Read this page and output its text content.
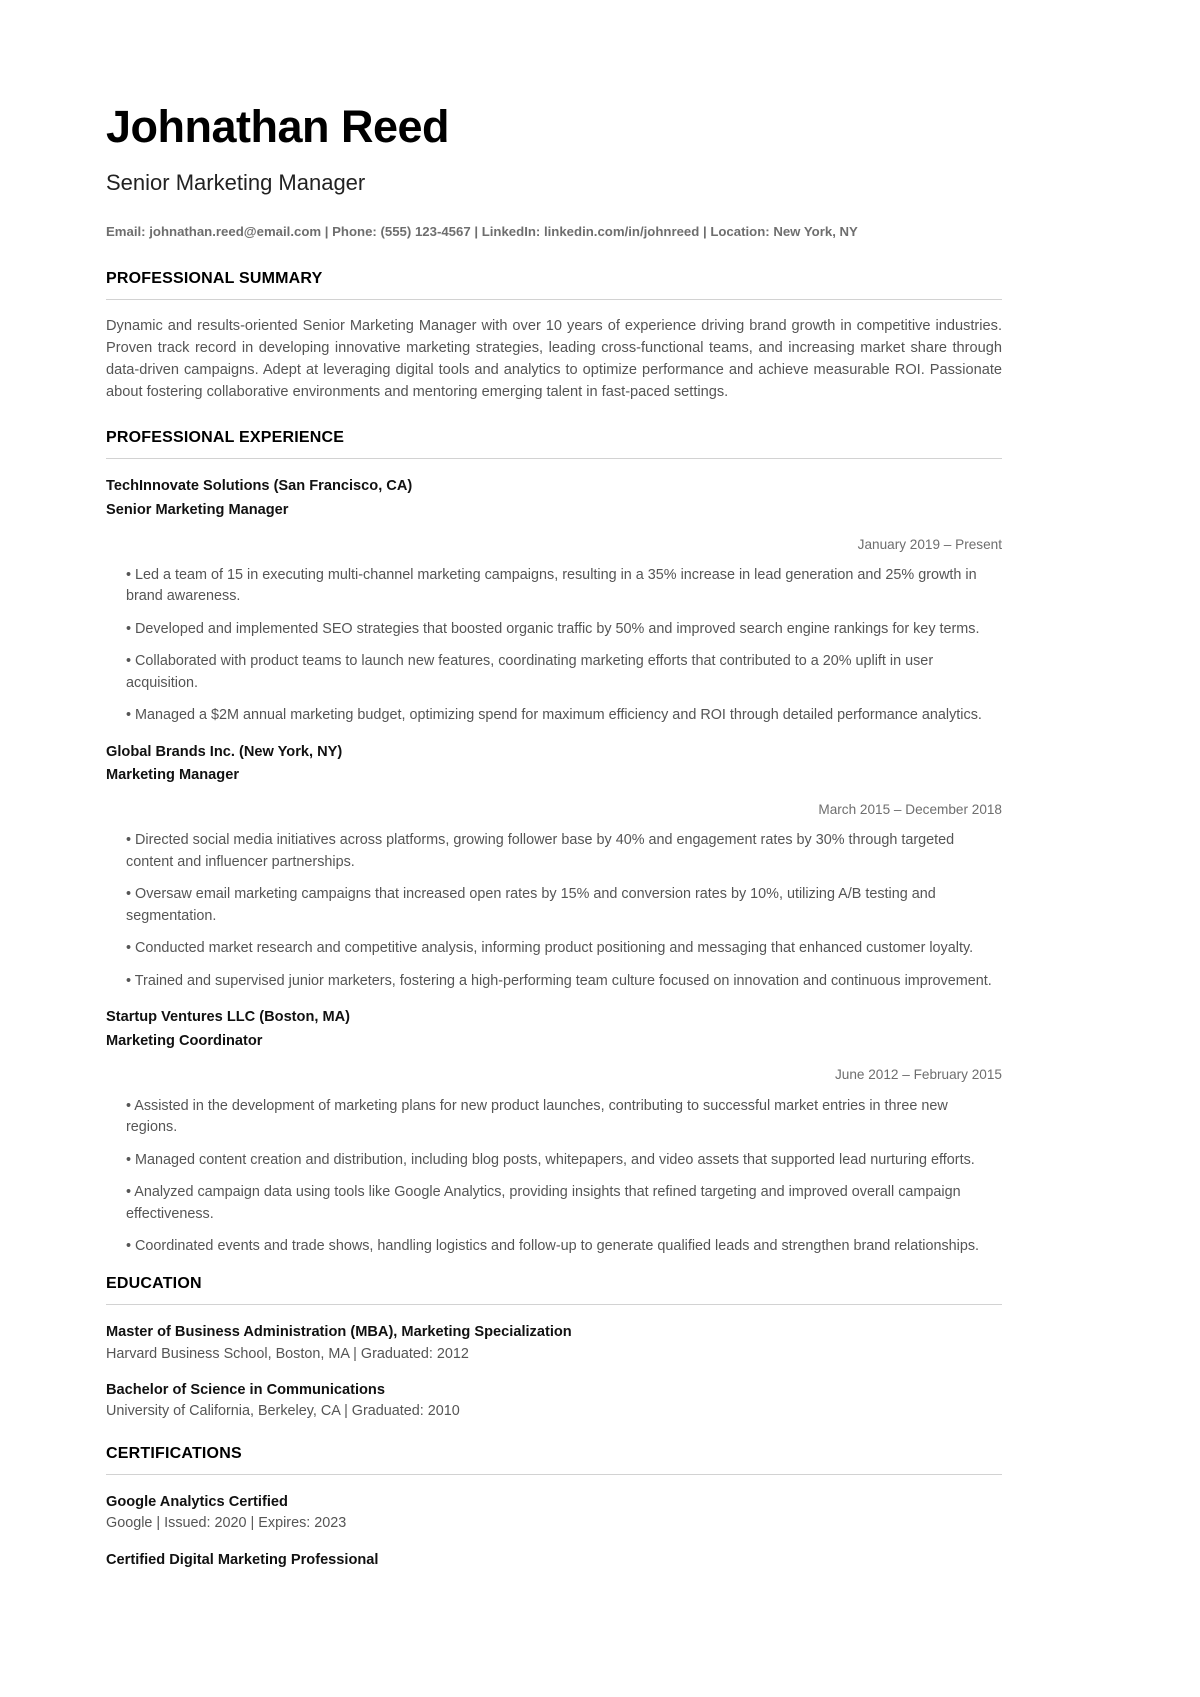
Johnathan Reed
Senior Marketing Manager
Email: johnathan.reed@email.com | Phone: (555) 123-4567 | LinkedIn: linkedin.com/in/johnreed | Location: New York, NY
PROFESSIONAL SUMMARY

Dynamic and results-oriented Senior Marketing Manager with over 10 years of experience driving brand growth in competitive industries. Proven track record in developing innovative marketing strategies, leading cross-functional teams, and increasing market share through data-driven campaigns. Adept at leveraging digital tools and analytics to optimize performance and achieve measurable ROI. Passionate about fostering collaborative environments and mentoring emerging talent in fast-paced settings.

PROFESSIONAL EXPERIENCE
TechInnovate Solutions (San Francisco, CA)
Senior Marketing Manager
January 2019 – Present
• Led a team of 15 in executing multi-channel marketing campaigns, resulting in a 35% increase in lead generation and 25% growth in brand awareness.
• Developed and implemented SEO strategies that boosted organic traffic by 50% and improved search engine rankings for key terms.
• Collaborated with product teams to launch new features, coordinating marketing efforts that contributed to a 20% uplift in user acquisition.
• Managed a $2M annual marketing budget, optimizing spend for maximum efficiency and ROI through detailed performance analytics.
Global Brands Inc. (New York, NY)
Marketing Manager
March 2015 – December 2018
• Directed social media initiatives across platforms, growing follower base by 40% and engagement rates by 30% through targeted content and influencer partnerships.
• Oversaw email marketing campaigns that increased open rates by 15% and conversion rates by 10%, utilizing A/B testing and segmentation.
• Conducted market research and competitive analysis, informing product positioning and messaging that enhanced customer loyalty.
• Trained and supervised junior marketers, fostering a high-performing team culture focused on innovation and continuous improvement.
Startup Ventures LLC (Boston, MA)
Marketing Coordinator
June 2012 – February 2015
• Assisted in the development of marketing plans for new product launches, contributing to successful market entries in three new regions.
• Managed content creation and distribution, including blog posts, whitepapers, and video assets that supported lead nurturing efforts.
• Analyzed campaign data using tools like Google Analytics, providing insights that refined targeting and improved overall campaign effectiveness.
• Coordinated events and trade shows, handling logistics and follow-up to generate qualified leads and strengthen brand relationships.
EDUCATION
Master of Business Administration (MBA), Marketing Specialization
Harvard Business School, Boston, MA | Graduated: 2012
Bachelor of Science in Communications
University of California, Berkeley, CA | Graduated: 2010
CERTIFICATIONS
Google Analytics Certified
Google | Issued: 2020 | Expires: 2023
Certified Digital Marketing Professional
